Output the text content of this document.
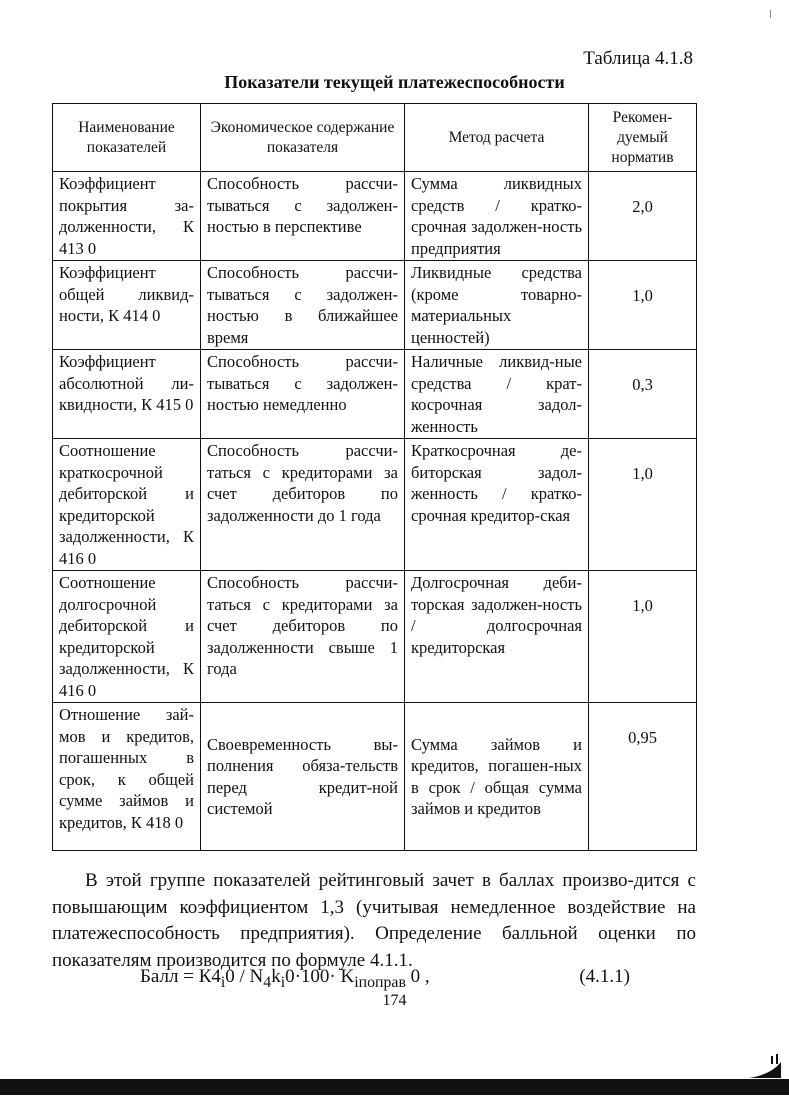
Таблица 4.1.8
Показатели текущей платежеспособности
Наименование показателей	Экономическое содержание показателя	Метод расчета	Рекомен-дуемый норматив

Коэффициент покрытия за-долженности, К 413 0	Способность рассчи-тываться с задолжен-ностью в перспективе	Сумма ликвидных средств / кратко-срочная задолжен-ность предприятия	2,0

Коэффициент общей ликвид-ности, К 414 0	Способность рассчи-тываться с задолжен-ностью в ближайшее время	Ликвидные средства (кроме товарно-материальных ценностей)	1,0

Коэффициент абсолютной ли-квидности, К 415 0	Способность рассчи-тываться с задолжен-ностью немедленно	Наличные ликвид-ные средства / крат-косрочная задол-женность	0,3

Соотношение краткосрочной дебиторской и кредиторской задолженности, К 416 0	Способность рассчи-таться с кредиторами за счет дебиторов по задолженности до 1 года	Краткосрочная де-биторская задол-женность / кратко-срочная кредитор-ская	1,0

Соотношение долгосрочной дебиторской и кредиторской задолженности, К 416 0	Способность рассчи-таться с кредиторами за счет дебиторов по задолженности свыше 1 года	Долгосрочная деби-торская задолжен-ность / долгосрочная кредиторская	1,0

Отношение зай-мов и кредитов, погашенных в срок, к общей сумме займов и кредитов, К 418 0	Своевременность вы-полнения обяза-тельств перед кредит-ной системой	Сумма займов и кредитов, погашен-ных в срок / общая сумма займов и кредитов	0,95
В этой группе показателей рейтинговый зачет в баллах произво-дится с повышающим коэффициентом 1,3 (учитывая немедленное воздействие на платежеспособность предприятия). Определение балльной оценки по показателям производится по формуле 4.1.1.
Балл = $К4_i0 / N_4k_i0\cdot 100\cdot K_{iпоправ}$ 0 ,	(4.1.1)
174
